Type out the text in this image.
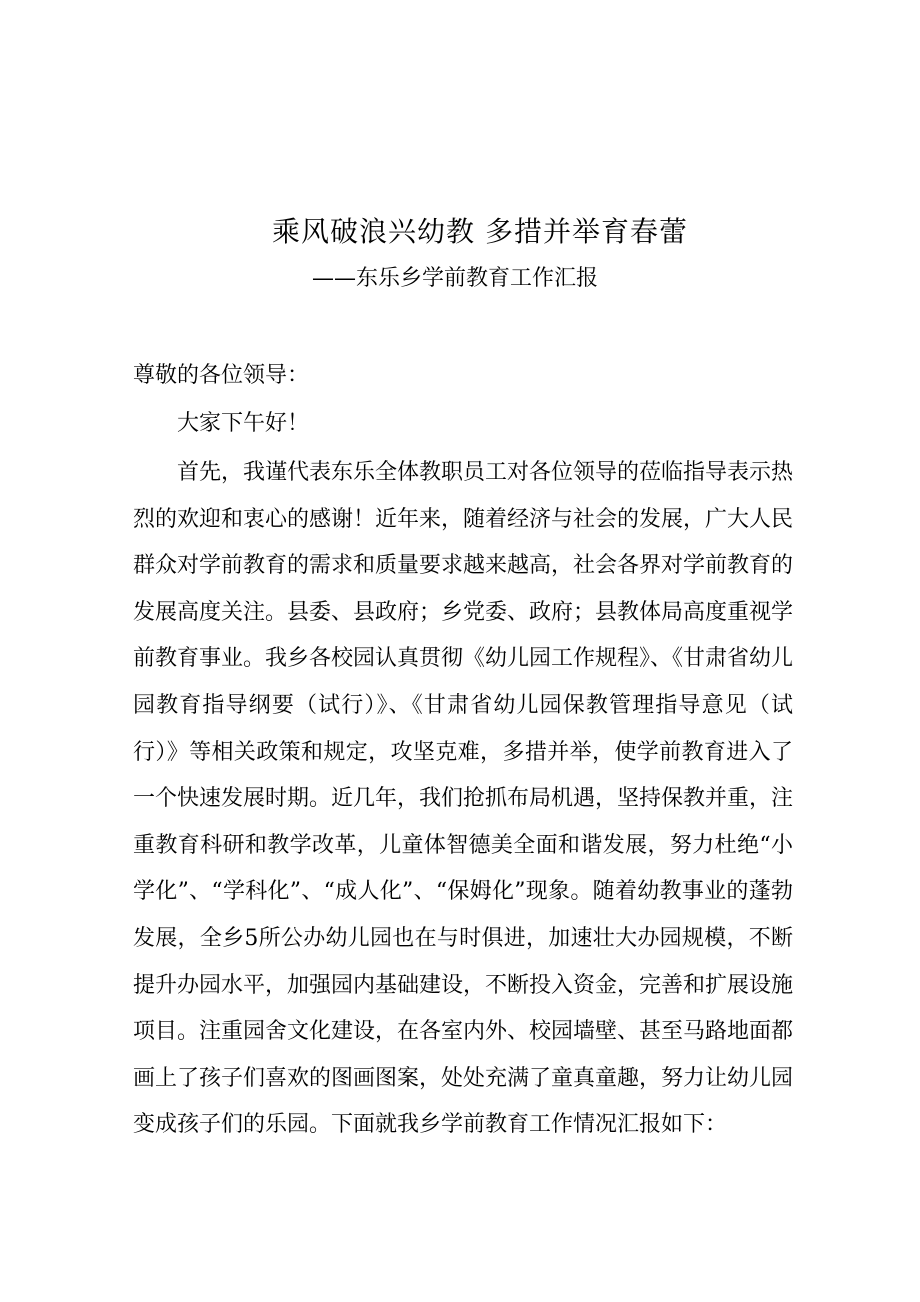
乘风破浪兴幼教 多措并举育春蕾
——东乐乡学前教育工作汇报
尊敬的各位领导：
大家下午好！

首先，我谨代表东乐全体教职员工对各位领导的莅临指导表示热烈的欢迎和衷心的感谢！近年来，随着经济与社会的发展，广大人民群众对学前教育的需求和质量要求越来越高，社会各界对学前教育的发展高度关注。县委、县政府；乡党委、政府；县教体局高度重视学前教育事业。我乡各校园认真贯彻《幼儿园工作规程》、《甘肃省幼儿园教育指导纲要（试行）》、《甘肃省幼儿园保教管理指导意见（试行）》等相关政策和规定，攻坚克难，多措并举，使学前教育进入了一个快速发展时期。近几年，我们抢抓布局机遇，坚持保教并重，注重教育科研和教学改革，儿童体智德美全面和谐发展，努力杜绝“小学化”、“学科化”、“成人化”、“保姆化”现象。随着幼教事业的蓬勃发展，全乡5所公办幼儿园也在与时俱进，加速壮大办园规模，不断提升办园水平，加强园内基础建设，不断投入资金，完善和扩展设施项目。注重园舍文化建设，在各室内外、校园墙壁、甚至马路地面都画上了孩子们喜欢的图画图案，处处充满了童真童趣，努力让幼儿园变成孩子们的乐园。下面就我乡学前教育工作情况汇报如下：
